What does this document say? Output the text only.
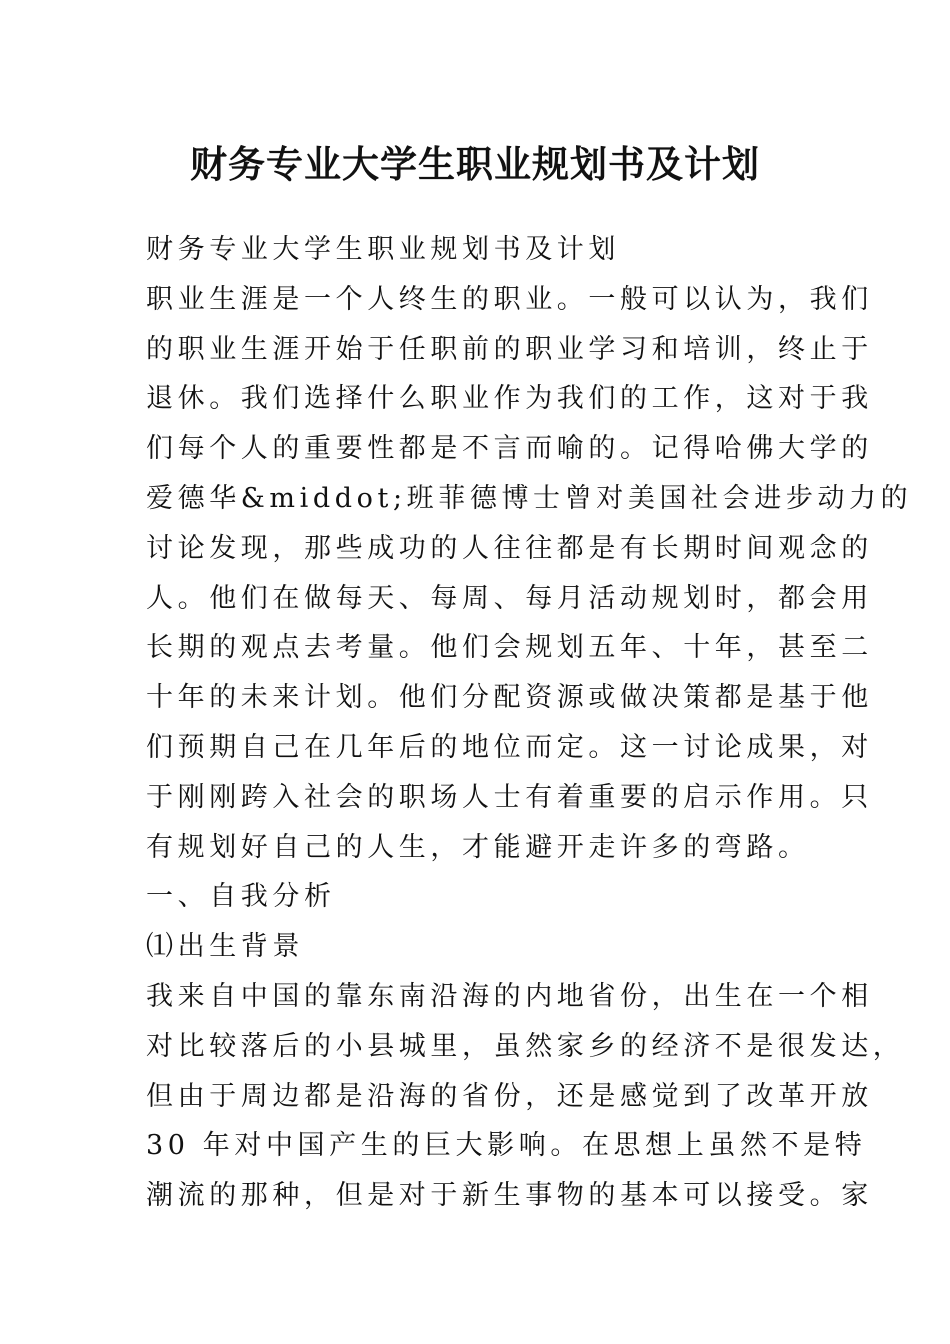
财务专业大学生职业规划书及计划
财务专业大学生职业规划书及计划
职业生涯是一个人终生的职业。一般可以认为，我们
的职业生涯开始于任职前的职业学习和培训，终止于
退休。我们选择什么职业作为我们的工作，这对于我
们每个人的重要性都是不言而喻的。记得哈佛大学的
爱德华&middot;班菲德博士曾对美国社会进步动力的
讨论发现，那些成功的人往往都是有长期时间观念的
人。他们在做每天、每周、每月活动规划时，都会用
长期的观点去考量。他们会规划五年、十年，甚至二
十年的未来计划。他们分配资源或做决策都是基于他
们预期自己在几年后的地位而定。这一讨论成果，对
于刚刚跨入社会的职场人士有着重要的启示作用。只
有规划好自己的人生，才能避开走许多的弯路。
一、自我分析
⑴出生背景
我来自中国的靠东南沿海的内地省份，出生在一个相
对比较落后的小县城里，虽然家乡的经济不是很发达，
但由于周边都是沿海的省份，还是感觉到了改革开放
30 年对中国产生的巨大影响。在思想上虽然不是特
潮流的那种，但是对于新生事物的基本可以接受。家
